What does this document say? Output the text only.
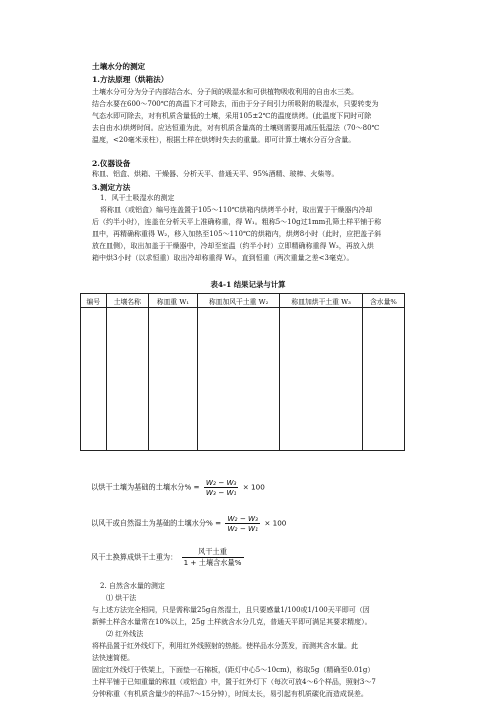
土壤水分的测定
1.方法原理（烘箱法）
土壤水分可分为分子内部结合水、分子间的吸湿水和可供植物吸收利用的自由水三类。
结合水要在600～700℃的高温下才可除去，而由于分子间引力所吸附的吸湿水，只要转变为
气态水即可除去，对有机质含量低的土壤，采用105±2℃的温度烘烤。(此温度下同时可除
去自由水)烘烤时间。应达恒重为此，对有机质含量高的土壤则需要用减压低温法（70～80℃
温度，<20毫米汞柱），根据土样在烘烤时失去的重量。即可计算土壤水分百分含量。
2.仪器设备
称皿、铝盒、烘箱、干燥器、分析天平、普通天平、95%酒精、玻棒、火柴等。
3.测定方法
1．风干土吸湿水的测定
将称皿（或铝盒）编号连盖置于105～110℃烘箱内烘烤半小时，取出置于干燥器内冷却
后（约半小时），连盖在分析天平上准确称重，得 W₁。粗称5～10g过1mm孔筛土样平铺于称
皿中，再精确称重得 W₂，移入加热至105～110℃的烘箱内，烘烤8小时（此时，应把盖子斜
放在皿侧），取出加盖于干燥器中，冷却至室温（约半小时）立即精确称重得 W₃，再放入烘
箱中烘3小时（以求恒重）取出冷却称重得 W₃，直到恒重（两次重量之差<3毫克）。
表4-1 结果记录与计算
编号	土壤名称	称皿重 W₁	称皿加风干土重 W₂	称皿加烘干土重 W₃	含水量%

以烘干土壤为基础的土壤水分% = $\frac{\text{W₂ − W₃}}{\text{W₃ − W₁}} \times 100$
以风干或自然湿土为基础的土壤水分% = $\frac{\text{W₂ − W₃}}{\text{W₂ − W₁}} \times 100$
风干土换算成烘干土重为： $\frac{\text{风干土重}}{\text{1 + 土壤含水量\%}}$
2. 自然含水量的测定
⑴ 烘干法
与上述方法完全相同，只是需称量25g自然湿土，且只要感量1/100或1/100天平即可（因
新鲜土样含水量常在10%以上，25g 土样就含水分几克，普通天平即可满足其要求精度）。
⑵ 红外线法
将样品置于红外线灯下，利用红外线照射的热能。使样品水分蒸发，而测其含水量。此
法快速简便。
固定红外线灯于铁架上，下面垫一石棉板，(距灯中心5～10cm)，称取5g（精确至0.01g）
土样平铺于已知重量的称皿（或铝盒）中，置于红外灯下（每次可放4～6个样品，照射3～7
分钟称重（有机质含量少的样品7～15分钟），时间太长，易引起有机质碳化而造成误差。
